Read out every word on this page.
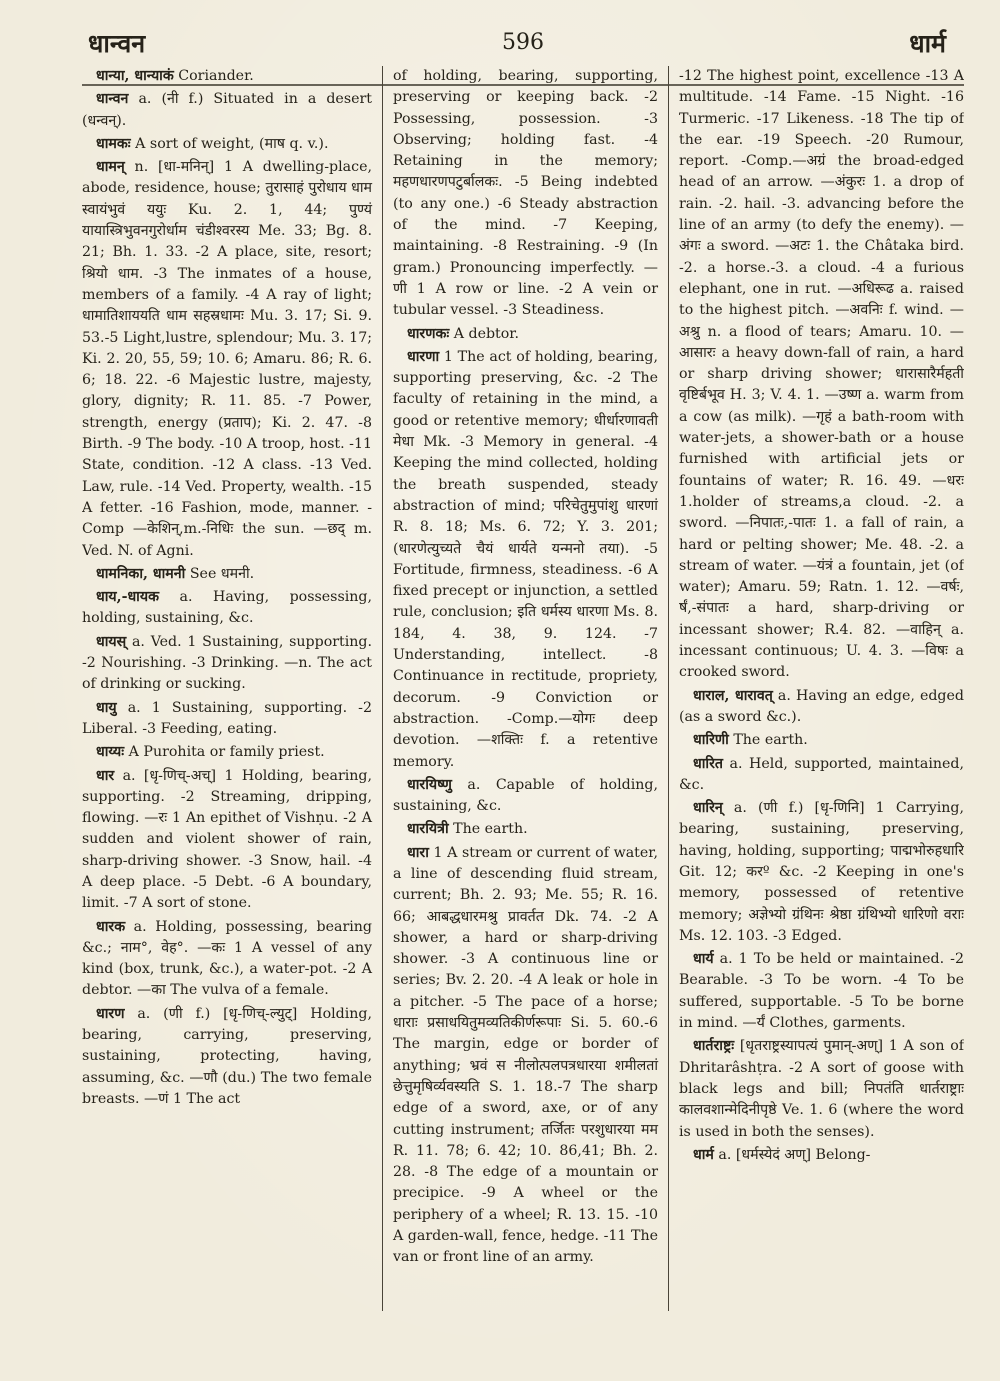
धान्वन	596	धार्म

धान्या, धान्याकं Coriander.

धान्वन a. (नी f.) Situated in a desert (धन्वन्).

धामकः A sort of weight, (माष q. v.).

धामन् n. [धा-मनिन्] 1 A dwelling-place, abode, residence, house; तुरासाहं पुरोधाय धाम स्वायंभुवं ययुः Ku. 2. 1, 44; पुण्यं यायास्त्रिभुवनगुरोर्धाम चंडीश्वरस्य Me. 33; Bg. 8. 21; Bh. 1. 33. -2 A place, site, resort; श्रियो धाम. -3 The inmates of a house, members of a family. -4 A ray of light; धामातिशाययति धाम सहस्रधामः Mu. 3. 17; Si. 9. 53.-5 Light,lustre, splendour; Mu. 3. 17; Ki. 2. 20, 55, 59; 10. 6; Amaru. 86; R. 6. 6; 18. 22. -6 Majestic lustre, majesty, glory, dignity; R. 11. 85. -7 Power, strength, energy (प्रताप); Ki. 2. 47. -8 Birth. -9 The body. -10 A troop, host. -11 State, condition. -12 A class. -13 Ved. Law, rule. -14 Ved. Property, wealth. -15 A fetter. -16 Fashion, mode, manner. -Comp —केशिन्,m.-निधिः the sun. —छद् m. Ved. N. of Agni.

धामनिका, धामनी See धमनी.

धाय,-धायक a. Having, possessing, holding, sustaining, &c.

धायस् a. Ved. 1 Sustaining, supporting. -2 Nourishing. -3 Drinking. —n. The act of drinking or sucking.

धायु a. 1 Sustaining, supporting. -2 Liberal. -3 Feeding, eating.

धाय्यः A Purohita or family priest.

धार a. [धृ-णिच्-अच्] 1 Holding, bearing, supporting. -2 Streaming, dripping, flowing. —रः 1 An epithet of Vishṇu. -2 A sudden and violent shower of rain, sharp-driving shower. -3 Snow, hail. -4 A deep place. -5 Debt. -6 A boundary, limit. -7 A sort of stone.

धारक a. Holding, possessing, bearing &c.; नाम°, वेह°. —कः 1 A vessel of any kind (box, trunk, &c.), a water-pot. -2 A debtor. —का The vulva of a female.

धारण a. (णी f.) [धृ-णिच्-ल्युट्] Holding, bearing, carrying, preserving, sustaining, protecting, having, assuming, &c. —णौ (du.) The two female breasts. —णं 1 The act

of holding, bearing, supporting, preserving or keeping back. -2 Possessing, possession. -3 Observing; holding fast. -4 Retaining in the memory; महणधारणपटुर्बालकः. -5 Being indebted (to any one.) -6 Steady abstraction of the mind. -7 Keeping, maintaining. -8 Restraining. -9 (In gram.) Pronouncing imperfectly. —णी 1 A row or line. -2 A vein or tubular vessel. -3 Steadiness.

धारणकः A debtor.

धारणा 1 The act of holding, bearing, supporting preserving, &c. -2 The faculty of retaining in the mind, a good or retentive memory; धीर्धारणावती मेधा Mk. -3 Memory in general. -4 Keeping the mind collected, holding the breath suspended, steady abstraction of mind; परिचेतुमुपांशु धारणां R. 8. 18; Ms. 6. 72; Y. 3. 201; (धारणेत्युच्यते चैयं धार्यते यन्मनो तया). -5 Fortitude, firmness, steadiness. -6 A fixed precept or injunction, a settled rule, conclusion; इति धर्मस्य धारणा Ms. 8. 184, 4. 38, 9. 124. -7 Understanding, intellect. -8 Continuance in rectitude, propriety, decorum. -9 Conviction or abstraction. -Comp.—योगः deep devotion. —शक्तिः f. a retentive memory.

धारयिष्णु a. Capable of holding, sustaining, &c.

धारयित्री The earth.

धारा 1 A stream or current of water, a line of descending fluid stream, current; Bh. 2. 93; Me. 55; R. 16. 66; आबद्धधारमश्रु प्रावर्तत Dk. 74. -2 A shower, a hard or sharp-driving shower. -3 A continuous line or series; Bv. 2. 20. -4 A leak or hole in a pitcher. -5 The pace of a horse; धाराः प्रसाधयितुमव्यतिकीर्णरूपाः Si. 5. 60.-6 The margin, edge or border of anything; भ्रवं स नीलोत्पलपत्रधारया शमीलतां छेत्तुमृषिर्व्यवस्यति S. 1. 18.-7 The sharp edge of a sword, axe, or of any cutting instrument; तर्जितः परशुधारया मम R. 11. 78; 6. 42; 10. 86,41; Bh. 2. 28. -8 The edge of a mountain or precipice. -9 A wheel or the periphery of a wheel; R. 13. 15. -10 A garden-wall, fence, hedge. -11 The van or front line of an army.

-12 The highest point, excellence -13 A multitude. -14 Fame. -15 Night. -16 Turmeric. -17 Likeness. -18 The tip of the ear. -19 Speech. -20 Rumour, report. -Comp.—अग्रं the broad-edged head of an arrow. —अंकुरः 1. a drop of rain. -2. hail. -3. advancing before the line of an army (to defy the enemy). —अंगः a sword. —अटः 1. the Châtaka bird. -2. a horse.-3. a cloud. -4 a furious elephant, one in rut. —अधिरूढ a. raised to the highest pitch. —अवनिः f. wind. —अश्रु n. a flood of tears; Amaru. 10. —आसारः a heavy down-fall of rain, a hard or sharp driving shower; धारासारैर्महती वृष्टिर्बभूव H. 3; V. 4. 1. —उष्ण a. warm from a cow (as milk). —गृहं a bath-room with water-jets, a shower-bath or a house furnished with artificial jets or fountains of water; R. 16. 49. —धरः 1.holder of streams,a cloud. -2. a sword. —निपातः,-पातः 1. a fall of rain, a hard or pelting shower; Me. 48. -2. a stream of water. —यंत्रं a fountain, jet (of water); Amaru. 59; Ratn. 1. 12. —वर्षः, र्षं,-संपातः a hard, sharp-driving or incessant shower; R.4. 82. —वाहिन् a. incessant continuous; U. 4. 3. —विषः a crooked sword.

धाराल, धारावत् a. Having an edge, edged (as a sword &c.).

धारिणी The earth.

धारित a. Held, supported, maintained, &c.

धारिन् a. (णी f.) [धृ-णिनि] 1 Carrying, bearing, sustaining, preserving, having, holding, supporting; पाद्मभोरुहधारि Git. 12; करº &c. -2 Keeping in one's memory, possessed of retentive memory; अज्ञेभ्यो ग्रंथिनः श्रेष्ठा ग्रंथिभ्यो धारिणो वराः Ms. 12. 103. -3 Edged.

धार्य a. 1 To be held or maintained. -2 Bearable. -3 To be worn. -4 To be suffered, supportable. -5 To be borne in mind. —र्यं Clothes, garments.

धार्तराष्ट्रः [धृतराष्ट्रस्यापत्यं पुमान्-अण्] 1 A son of Dhritarâshṭra. -2 A sort of goose with black legs and bill; निपतंति धार्तराष्ट्राः कालवशान्मेदिनीपृष्ठे Ve. 1. 6 (where the word is used in both the senses).

धार्म a. [धर्मस्येदं अण्] Belong-
